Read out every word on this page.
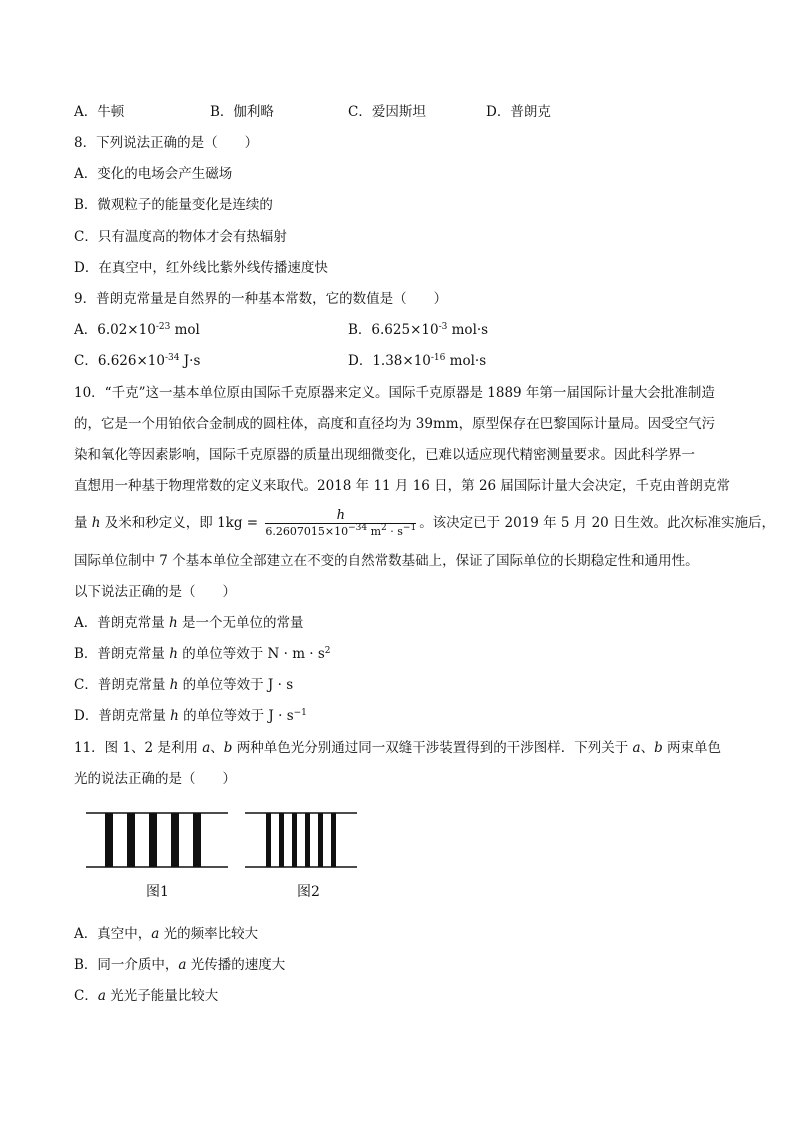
A．牛顿	B．伽利略	C．爱因斯坦	D．普朗克
8．下列说法正确的是（　　）
A．变化的电场会产生磁场
B．微观粒子的能量变化是连续的
C．只有温度高的物体才会有热辐射
D．在真空中，红外线比紫外线传播速度快
9．普朗克常量是自然界的一种基本常数，它的数值是（　　）
A．$6.02\times 10^{-23}$ mol	B．$6.625\times 10^{-3}$ mol·s
C．$6.626\times 10^{-34}$ J·s	D．$1.38\times 10^{-16}$ mol·s
10．“千克”这一基本单位原由国际千克原器来定义。国际千克原器是 1889 年第一届国际计量大会批准制造
的，它是一个用铂依合金制成的圆柱体，高度和直径均为 39mm，原型保存在巴黎国际计量局。因受空气污
染和氧化等因素影响，国际千克原器的质量出现细微变化，已难以适应现代精密测量要求。因此科学界一
直想用一种基于物理常数的定义来取代。2018 年 11 月 16 日，第 26 届国际计量大会决定，千克由普朗克常
量 h 及米和秒定义，即 $1kg = \frac{h}{6.2607015\times 10^{-34} m^2 \cdot s^{-1}}$ 。该决定已于 2019 年 5 月 20 日生效。此次标准实施后，
国际单位制中 7 个基本单位全部建立在不变的自然常数基础上，保证了国际单位的长期稳定性和通用性。
以下说法正确的是（　　）
A．普朗克常量 h 是一个无单位的常量
B．普朗克常量 h 的单位等效于 $N \cdot m \cdot s^2$
C．普朗克常量 h 的单位等效于 J · s
D．普朗克常量 h 的单位等效于 $J \cdot s^{-1}$
11．图 1、2 是利用 a、b 两种单色光分别通过同一双缝干涉装置得到的干涉图样．下列关于 a、b 两束单色
光的说法正确的是（　　）
图1	图2
A．真空中，a 光的频率比较大
B．同一介质中，a 光传播的速度大
C．a 光光子能量比较大
